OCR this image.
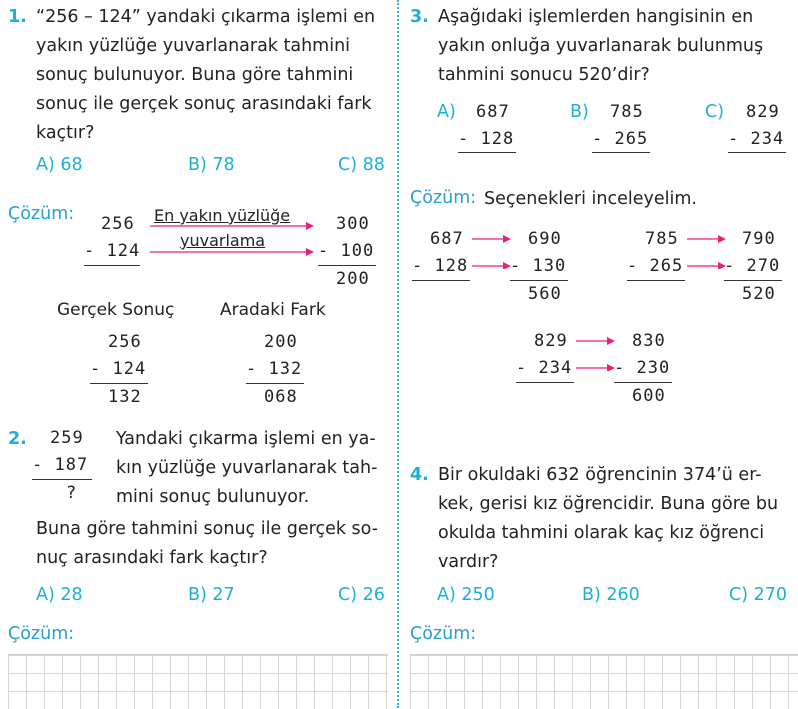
1. “256 – 124” yandaki çıkarma işlemi en
yakın yüzlüğe yuvarlanarak tahmini
sonuç bulunuyor. Buna göre tahmini
sonuç ile gerçek sonuç arasındaki fark
kaçtır?
A) 68	B) 78	C) 88
Çözüm: 256
- 124
En yakın yüzlüğe
yuvarlama
300
- 100
200
Gerçek Sonuç	Aradaki Fark
256
- 124
132
200
- 132
068
2. 259
- 187
?
Yandaki çıkarma işlemi en ya-
kın yüzlüğe yuvarlanarak tah-
mini sonuç bulunuyor.
Buna göre tahmini sonuç ile gerçek so-
nuç arasındaki fark kaçtır?
A) 28	B) 27	C) 26
Çözüm:
3. Aşağıdaki işlemlerden hangisinin en
yakın onluğa yuvarlanarak bulunmuş
tahmini sonucu 520’dir?
A) 687
- 128
B) 785
- 265
C) 829
- 234
Çözüm: Seçenekleri inceleyelim.
687
- 128
690
- 130
560
785
- 265
790
- 270
520
829
- 234
830
- 230
600
4. Bir okuldaki 632 öğrencinin 374’ü er-
kek, gerisi kız öğrencidir. Buna göre bu
okulda tahmini olarak kaç kız öğrenci
vardır?
A) 250	B) 260	C) 270
Çözüm:
